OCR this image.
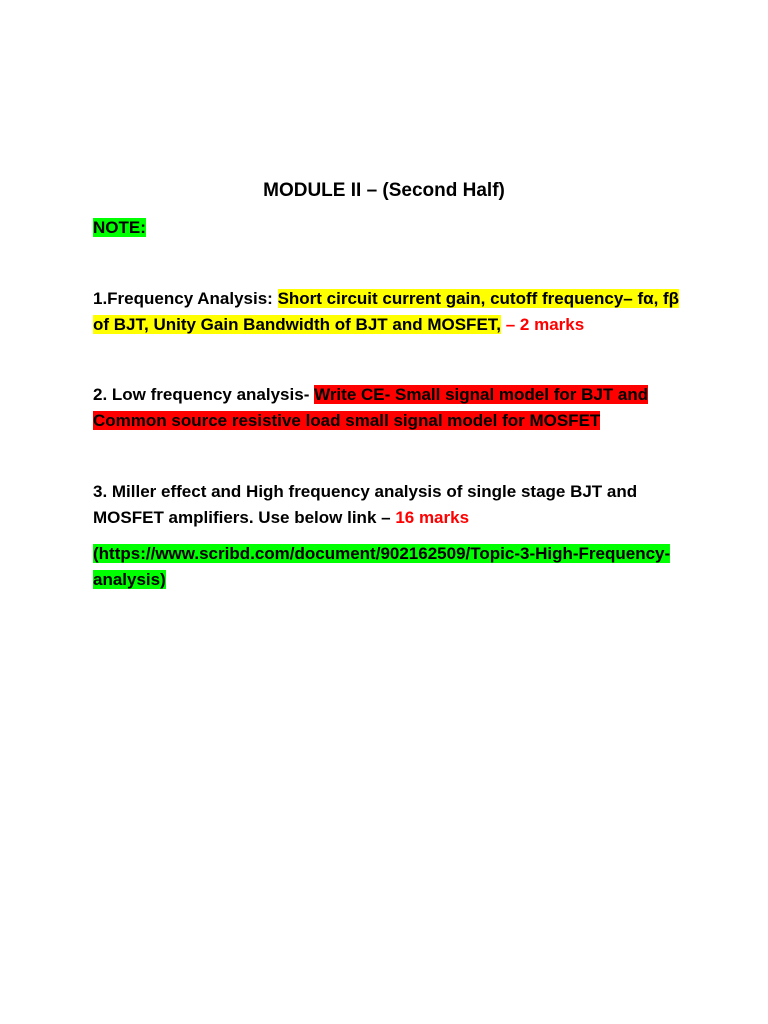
MODULE II – (Second Half)
NOTE:
1.Frequency Analysis: Short circuit current gain, cutoff frequency– fα, fβ of BJT, Unity Gain Bandwidth of BJT and MOSFET, – 2 marks
2. Low frequency analysis- Write CE- Small signal model for BJT and Common source resistive load small signal model for MOSFET
3. Miller effect and High frequency analysis of single stage BJT and MOSFET amplifiers. Use below link – 16 marks
(https://www.scribd.com/document/902162509/Topic-3-High-Frequency-analysis)
